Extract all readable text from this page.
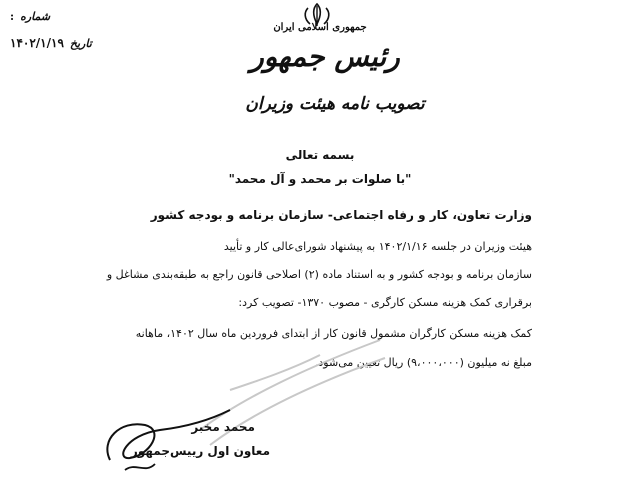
شماره
:
تاریخ
۱۴۰۲/۱/۱۹
جمهوری اسلامی ایران
رئیس جمهور
تصویب نامه هیئت وزیران
بسمه تعالی
"با صلوات بر محمد و آل محمد"
وزارت تعاون، کار و رفاه اجتماعی- سازمان برنامه و بودجه کشور
هیئت وزیران در جلسه ۱۴۰۲/۱/۱۶ به پیشنهاد شورای‌عالی کار و تأیید
سازمان برنامه و بودجه کشور و به استناد ماده (۲) اصلاحی قانون راجع به طبقه‌بندی مشاغل و
برقراری کمک هزینه مسکن کارگری - مصوب ۱۳۷۰- تصویب کرد:
کمک هزینه مسکن کارگران مشمول قانون کار از ابتدای فروردین ماه سال ۱۴۰۲، ماهانه
مبلغ نه میلیون (۹،۰۰۰،۰۰۰) ریال تعیین می‌شود.
محمد مخبر
معاون اول رییس‌جمهور
